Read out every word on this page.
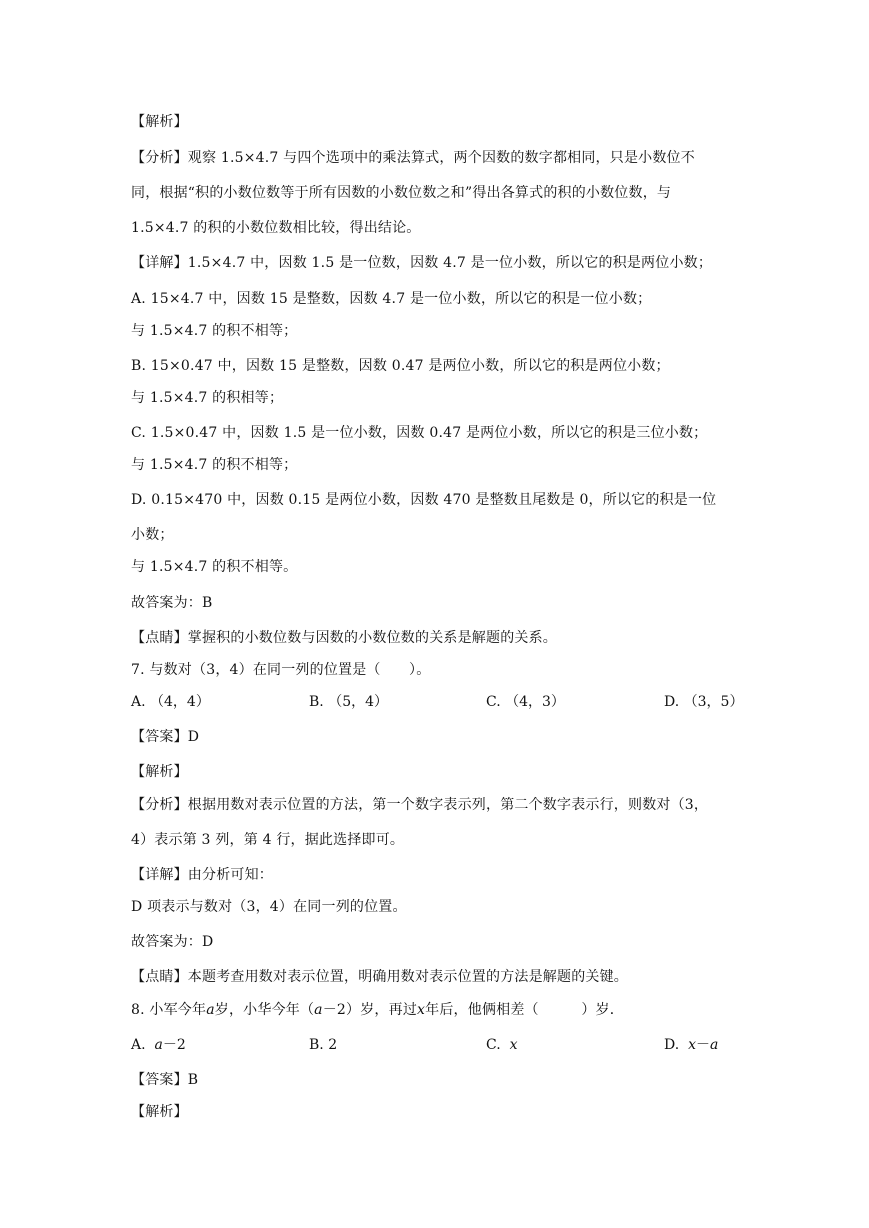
【解析】
【分析】观察 1.5×4.7 与四个选项中的乘法算式，两个因数的数字都相同，只是小数位不
同，根据“积的小数位数等于所有因数的小数位数之和”得出各算式的积的小数位数，与
1.5×4.7 的积的小数位数相比较，得出结论。
【详解】1.5×4.7 中，因数 1.5 是一位数，因数 4.7 是一位小数，所以它的积是两位小数；
A. 15×4.7 中，因数 15 是整数，因数 4.7 是一位小数，所以它的积是一位小数；
与 1.5×4.7 的积不相等；
B. 15×0.47 中，因数 15 是整数，因数 0.47 是两位小数，所以它的积是两位小数；
与 1.5×4.7 的积相等；
C. 1.5×0.47 中，因数 1.5 是一位小数，因数 0.47 是两位小数，所以它的积是三位小数；
与 1.5×4.7 的积不相等；
D. 0.15×470 中，因数 0.15 是两位小数，因数 470 是整数且尾数是 0，所以它的积是一位
小数；
与 1.5×4.7 的积不相等。
故答案为：B
【点睛】掌握积的小数位数与因数的小数位数的关系是解题的关系。
7. 与数对（3，4）在同一列的位置是（　　）。
A. （4，4）	B. （5，4）	C. （4，3）	D. （3，5）
【答案】D
【解析】
【分析】根据用数对表示位置的方法，第一个数字表示列，第二个数字表示行，则数对（3，
4）表示第 3 列，第 4 行，据此选择即可。
【详解】由分析可知：
D 项表示与数对（3，4）在同一列的位置。
故答案为：D
【点睛】本题考查用数对表示位置，明确用数对表示位置的方法是解题的关键。
8. 小军今年a岁，小华今年（a－2）岁，再过x年后，他俩相差（　　　）岁．
A. a－2	B. 2	C. x	D. x－a
【答案】B
【解析】
